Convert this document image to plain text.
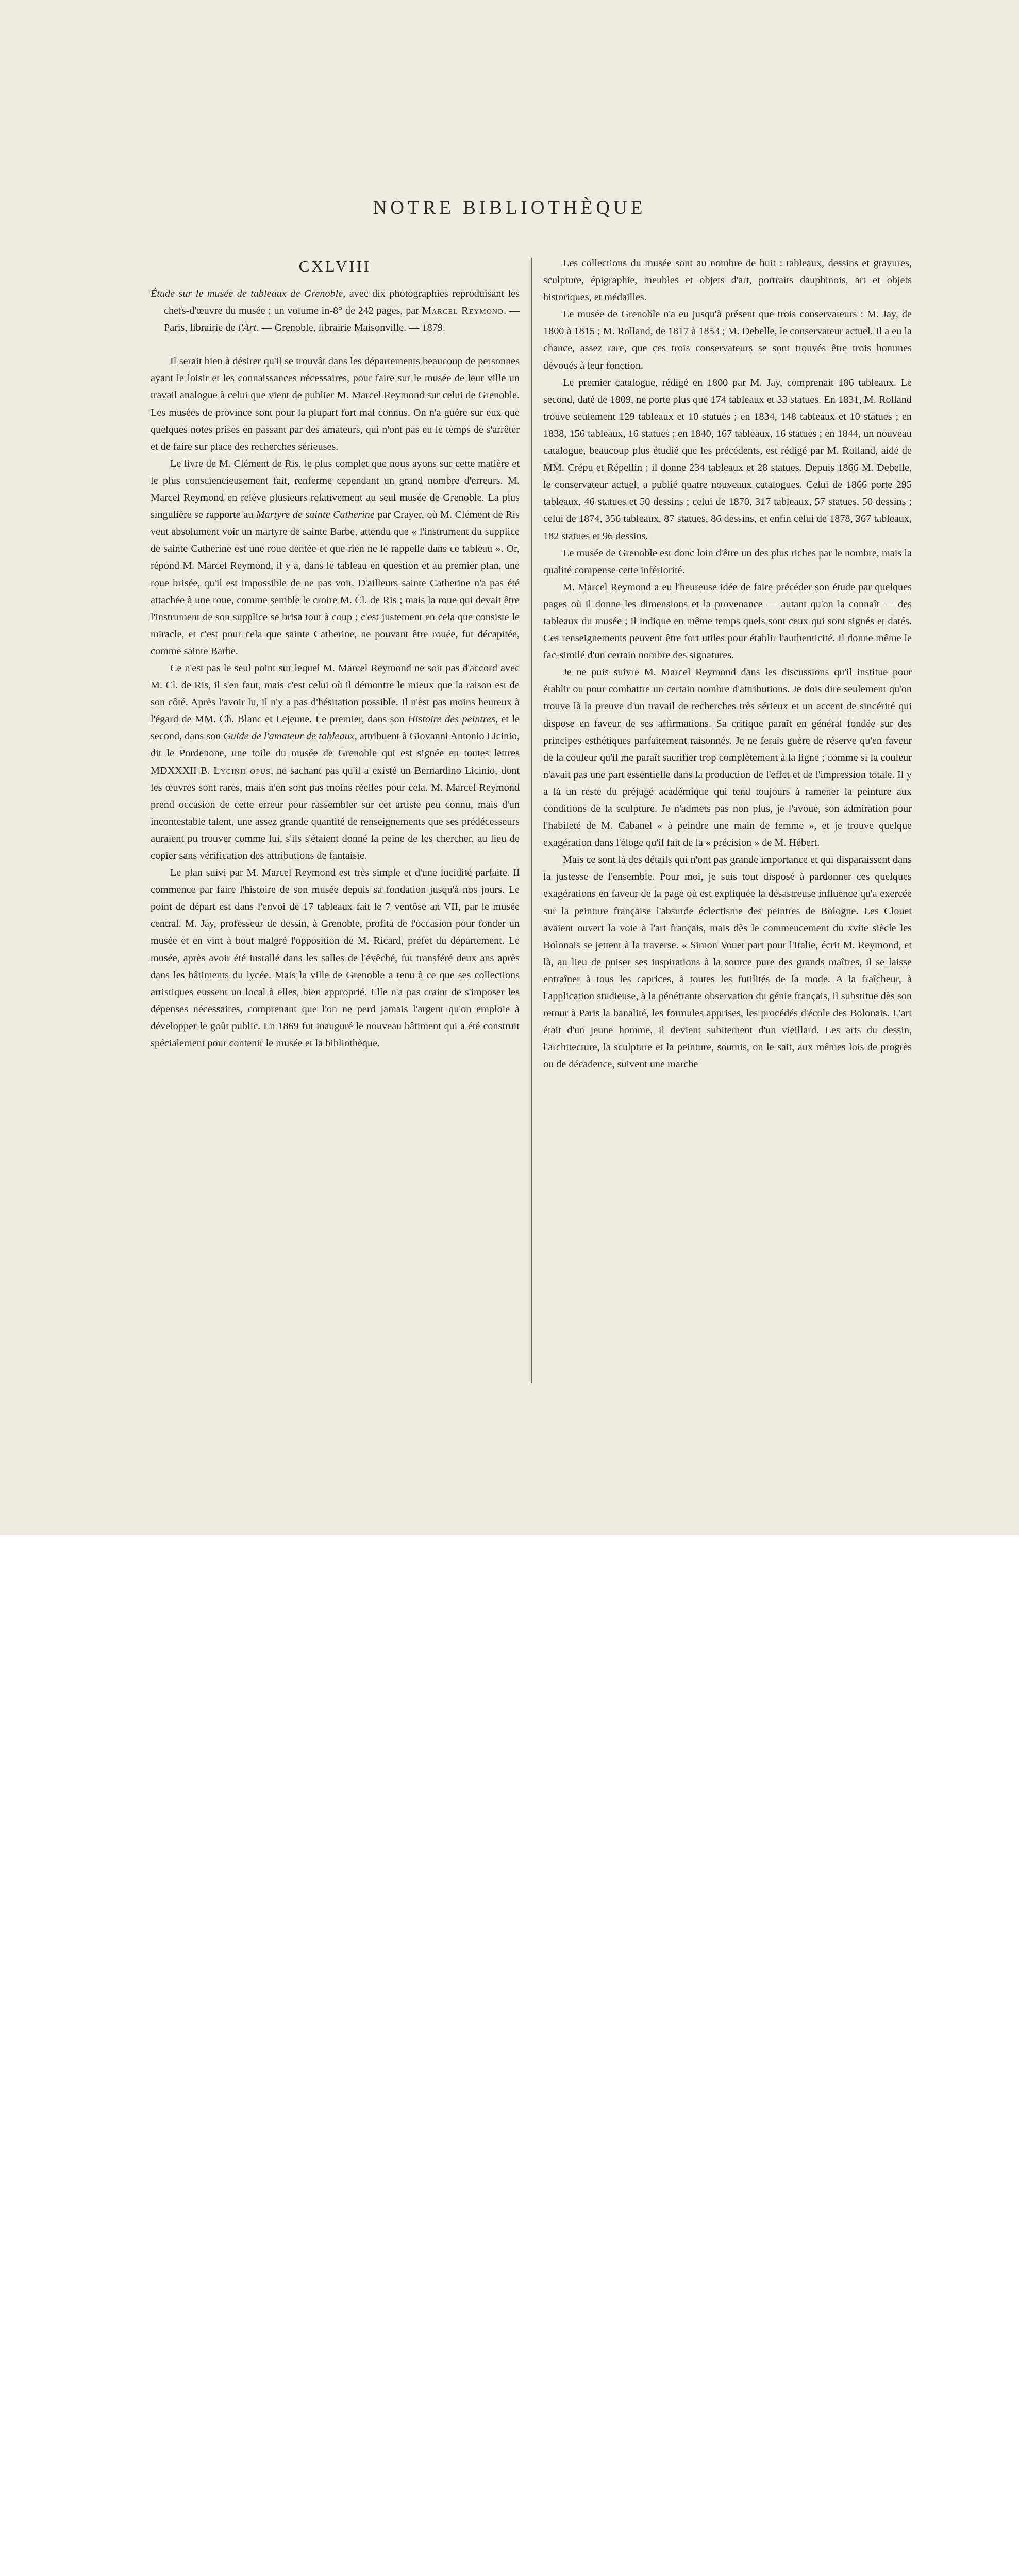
NOTRE BIBLIOTHÈQUE
CXLVIII
Étude sur le musée de tableaux de Grenoble, avec dix photographies reproduisant les chefs-d'œuvre du musée ; un volume in-8° de 242 pages, par Marcel Reymond. — Paris, librairie de l'Art. — Grenoble, librairie Maisonville. — 1879.

Il serait bien à désirer qu'il se trouvât dans les départements beaucoup de personnes ayant le loisir et les connaissances nécessaires, pour faire sur le musée de leur ville un travail analogue à celui que vient de publier M. Marcel Reymond sur celui de Grenoble. Les musées de province sont pour la plupart fort mal connus. On n'a guère sur eux que quelques notes prises en passant par des amateurs, qui n'ont pas eu le temps de s'arrêter et de faire sur place des recherches sérieuses.

Le livre de M. Clément de Ris, le plus complet que nous ayons sur cette matière et le plus consciencieusement fait, renferme cependant un grand nombre d'erreurs. M. Marcel Reymond en relève plusieurs relativement au seul musée de Grenoble. La plus singulière se rapporte au Martyre de sainte Catherine par Crayer, où M. Clément de Ris veut absolument voir un martyre de sainte Barbe, attendu que « l'instrument du supplice de sainte Catherine est une roue dentée et que rien ne le rappelle dans ce tableau ». Or, répond M. Marcel Reymond, il y a, dans le tableau en question et au premier plan, une roue brisée, qu'il est impossible de ne pas voir. D'ailleurs sainte Catherine n'a pas été attachée à une roue, comme semble le croire M. Cl. de Ris ; mais la roue qui devait être l'instrument de son supplice se brisa tout à coup ; c'est justement en cela que consiste le miracle, et c'est pour cela que sainte Catherine, ne pouvant être rouée, fut décapitée, comme sainte Barbe.

Ce n'est pas le seul point sur lequel M. Marcel Reymond ne soit pas d'accord avec M. Cl. de Ris, il s'en faut, mais c'est celui où il démontre le mieux que la raison est de son côté. Après l'avoir lu, il n'y a pas d'hésitation possible. Il n'est pas moins heureux à l'égard de MM. Ch. Blanc et Lejeune. Le premier, dans son Histoire des peintres, et le second, dans son Guide de l'amateur de tableaux, attribuent à Giovanni Antonio Licinio, dit le Pordenone, une toile du musée de Grenoble qui est signée en toutes lettres MDXXXII B. Lycinii opus, ne sachant pas qu'il a existé un Bernardino Licinio, dont les œuvres sont rares, mais n'en sont pas moins réelles pour cela. M. Marcel Reymond prend occasion de cette erreur pour rassembler sur cet artiste peu connu, mais d'un incontestable talent, une assez grande quantité de renseignements que ses prédécesseurs auraient pu trouver comme lui, s'ils s'étaient donné la peine de les chercher, au lieu de copier sans vérification des attributions de fantaisie.

Le plan suivi par M. Marcel Reymond est très simple et d'une lucidité parfaite. Il commence par faire l'histoire de son musée depuis sa fondation jusqu'à nos jours. Le point de départ est dans l'envoi de 17 tableaux fait le 7 ventôse an VII, par le musée central. M. Jay, professeur de dessin, à Grenoble, profita de l'occasion pour fonder un musée et en vint à bout malgré l'opposition de M. Ricard, préfet du département. Le musée, après avoir été installé dans les salles de l'évêché, fut transféré deux ans après dans les bâtiments du lycée. Mais la ville de Grenoble a tenu à ce que ses collections artistiques eussent un local à elles, bien approprié. Elle n'a pas craint de s'imposer les dépenses nécessaires, comprenant que l'on ne perd jamais l'argent qu'on emploie à développer le goût public. En 1869 fut inauguré le nouveau bâtiment qui a été construit spécialement pour contenir le musée et la bibliothèque.

Les collections du musée sont au nombre de huit : tableaux, dessins et gravures, sculpture, épigraphie, meubles et objets d'art, portraits dauphinois, art et objets historiques, et médailles.

Le musée de Grenoble n'a eu jusqu'à présent que trois conservateurs : M. Jay, de 1800 à 1815 ; M. Rolland, de 1817 à 1853 ; M. Debelle, le conservateur actuel. Il a eu la chance, assez rare, que ces trois conservateurs se sont trouvés être trois hommes dévoués à leur fonction.

Le premier catalogue, rédigé en 1800 par M. Jay, comprenait 186 tableaux. Le second, daté de 1809, ne porte plus que 174 tableaux et 33 statues. En 1831, M. Rolland trouve seulement 129 tableaux et 10 statues ; en 1834, 148 tableaux et 10 statues ; en 1838, 156 tableaux, 16 statues ; en 1840, 167 tableaux, 16 statues ; en 1844, un nouveau catalogue, beaucoup plus étudié que les précédents, est rédigé par M. Rolland, aidé de MM. Crépu et Répellin ; il donne 234 tableaux et 28 statues. Depuis 1866 M. Debelle, le conservateur actuel, a publié quatre nouveaux catalogues. Celui de 1866 porte 295 tableaux, 46 statues et 50 dessins ; celui de 1870, 317 tableaux, 57 statues, 50 dessins ; celui de 1874, 356 tableaux, 87 statues, 86 dessins, et enfin celui de 1878, 367 tableaux, 182 statues et 96 dessins.

Le musée de Grenoble est donc loin d'être un des plus riches par le nombre, mais la qualité compense cette infériorité.

M. Marcel Reymond a eu l'heureuse idée de faire précéder son étude par quelques pages où il donne les dimensions et la provenance — autant qu'on la connaît — des tableaux du musée ; il indique en même temps quels sont ceux qui sont signés et datés. Ces renseignements peuvent être fort utiles pour établir l'authenticité. Il donne même le fac-similé d'un certain nombre des signatures.

Je ne puis suivre M. Marcel Reymond dans les discussions qu'il institue pour établir ou pour combattre un certain nombre d'attributions. Je dois dire seulement qu'on trouve là la preuve d'un travail de recherches très sérieux et un accent de sincérité qui dispose en faveur de ses affirmations. Sa critique paraît en général fondée sur des principes esthétiques parfaitement raisonnés. Je ne ferais guère de réserve qu'en faveur de la couleur qu'il me paraît sacrifier trop complètement à la ligne ; comme si la couleur n'avait pas une part essentielle dans la production de l'effet et de l'impression totale. Il y a là un reste du préjugé académique qui tend toujours à ramener la peinture aux conditions de la sculpture. Je n'admets pas non plus, je l'avoue, son admiration pour l'habileté de M. Cabanel « à peindre une main de femme », et je trouve quelque exagération dans l'éloge qu'il fait de la « précision » de M. Hébert.

Mais ce sont là des détails qui n'ont pas grande importance et qui disparaissent dans la justesse de l'ensemble. Pour moi, je suis tout disposé à pardonner ces quelques exagérations en faveur de la page où est expliquée la désastreuse influence qu'a exercée sur la peinture française l'absurde éclectisme des peintres de Bologne. Les Clouet avaient ouvert la voie à l'art français, mais dès le commencement du xviie siècle les Bolonais se jettent à la traverse. « Simon Vouet part pour l'Italie, écrit M. Reymond, et là, au lieu de puiser ses inspirations à la source pure des grands maîtres, il se laisse entraîner à tous les caprices, à toutes les futilités de la mode. A la fraîcheur, à l'application studieuse, à la pénétrante observation du génie français, il substitue dès son retour à Paris la banalité, les formules apprises, les procédés d'école des Bolonais. L'art était d'un jeune homme, il devient subitement d'un vieillard. Les arts du dessin, l'architecture, la sculpture et la peinture, soumis, on le sait, aux mêmes lois de progrès ou de décadence, suivent une marche
